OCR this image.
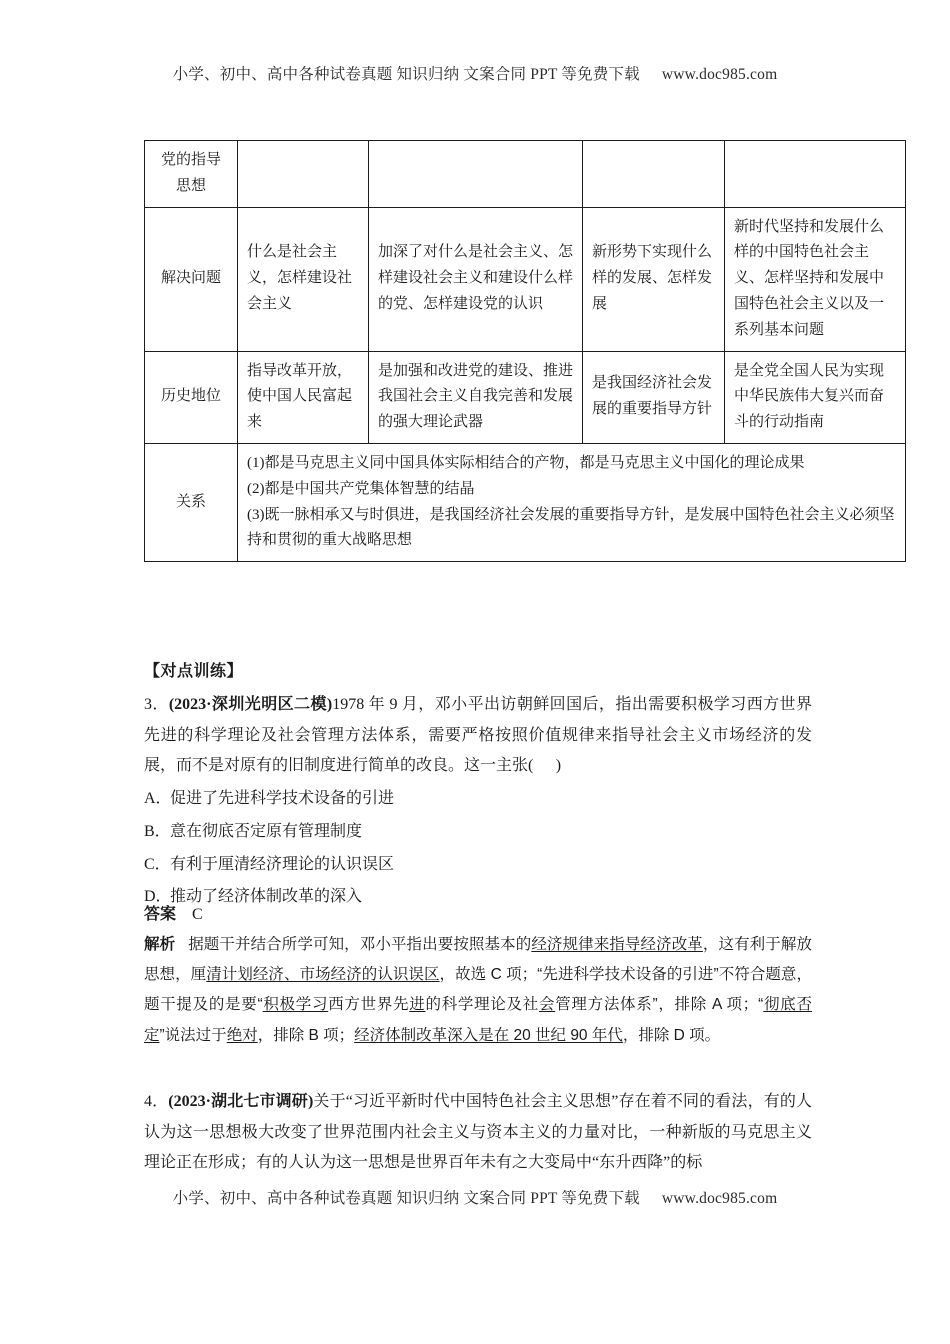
小学、初中、高中各种试卷真题 知识归纳 文案合同 PPT 等免费下载 www.doc985.com
党的指导思想				
解决问题	什么是社会主义，怎样建设社会主义	加深了对什么是社会主义、怎样建设社会主义和建设什么样的党、怎样建设党的认识	新形势下实现什么样的发展、怎样发展	新时代坚持和发展什么样的中国特色社会主义、怎样坚持和发展中国特色社会主义以及一系列基本问题
历史地位	指导改革开放，使中国人民富起来	是加强和改进党的建设、推进我国社会主义自我完善和发展的强大理论武器	是我国经济社会发展的重要指导方针	是全党全国人民为实现中华民族伟大复兴而奋斗的行动指南
关系	(1)都是马克思主义同中国具体实际相结合的产物，都是马克思主义中国化的理论成果
(2)都是中国共产党集体智慧的结晶
(3)既一脉相承又与时俱进，是我国经济社会发展的重要指导方针，是发展中国特色社会主义必须坚持和贯彻的重大战略思想			
【对点训练】
3．(2023·深圳光明区二模)1978 年 9 月，邓小平出访朝鲜回国后，指出需要积极学习西方世界先进的科学理论及社会管理方法体系，需要严格按照价值规律来指导社会主义市场经济的发展，而不是对原有的旧制度进行简单的改良。这一主张( )
A．促进了先进科学技术设备的引进
B．意在彻底否定原有管理制度
C．有利于厘清经济理论的认识误区
D．推动了经济体制改革的深入
答案 C
解析 据题干并结合所学可知，邓小平指出要按照基本的经济规律来指导经济改革，这有利于解放思想，厘清计划经济、市场经济的认识误区，故选 C 项；“先进科学技术设备的引进”不符合题意，题干提及的是要“积极学习西方世界先进的科学理论及社会管理方法体系”，排除 A 项；“彻底否定”说法过于绝对，排除 B 项；经济体制改革深入是在 20 世纪 90 年代，排除 D 项。
4．(2023·湖北七市调研)关于“习近平新时代中国特色社会主义思想”存在着不同的看法，有的人认为这一思想极大改变了世界范围内社会主义与资本主义的力量对比，一种新版的马克思主义理论正在形成；有的人认为这一思想是世界百年未有之大变局中“东升西降”的标
小学、初中、高中各种试卷真题 知识归纳 文案合同 PPT 等免费下载 www.doc985.com
